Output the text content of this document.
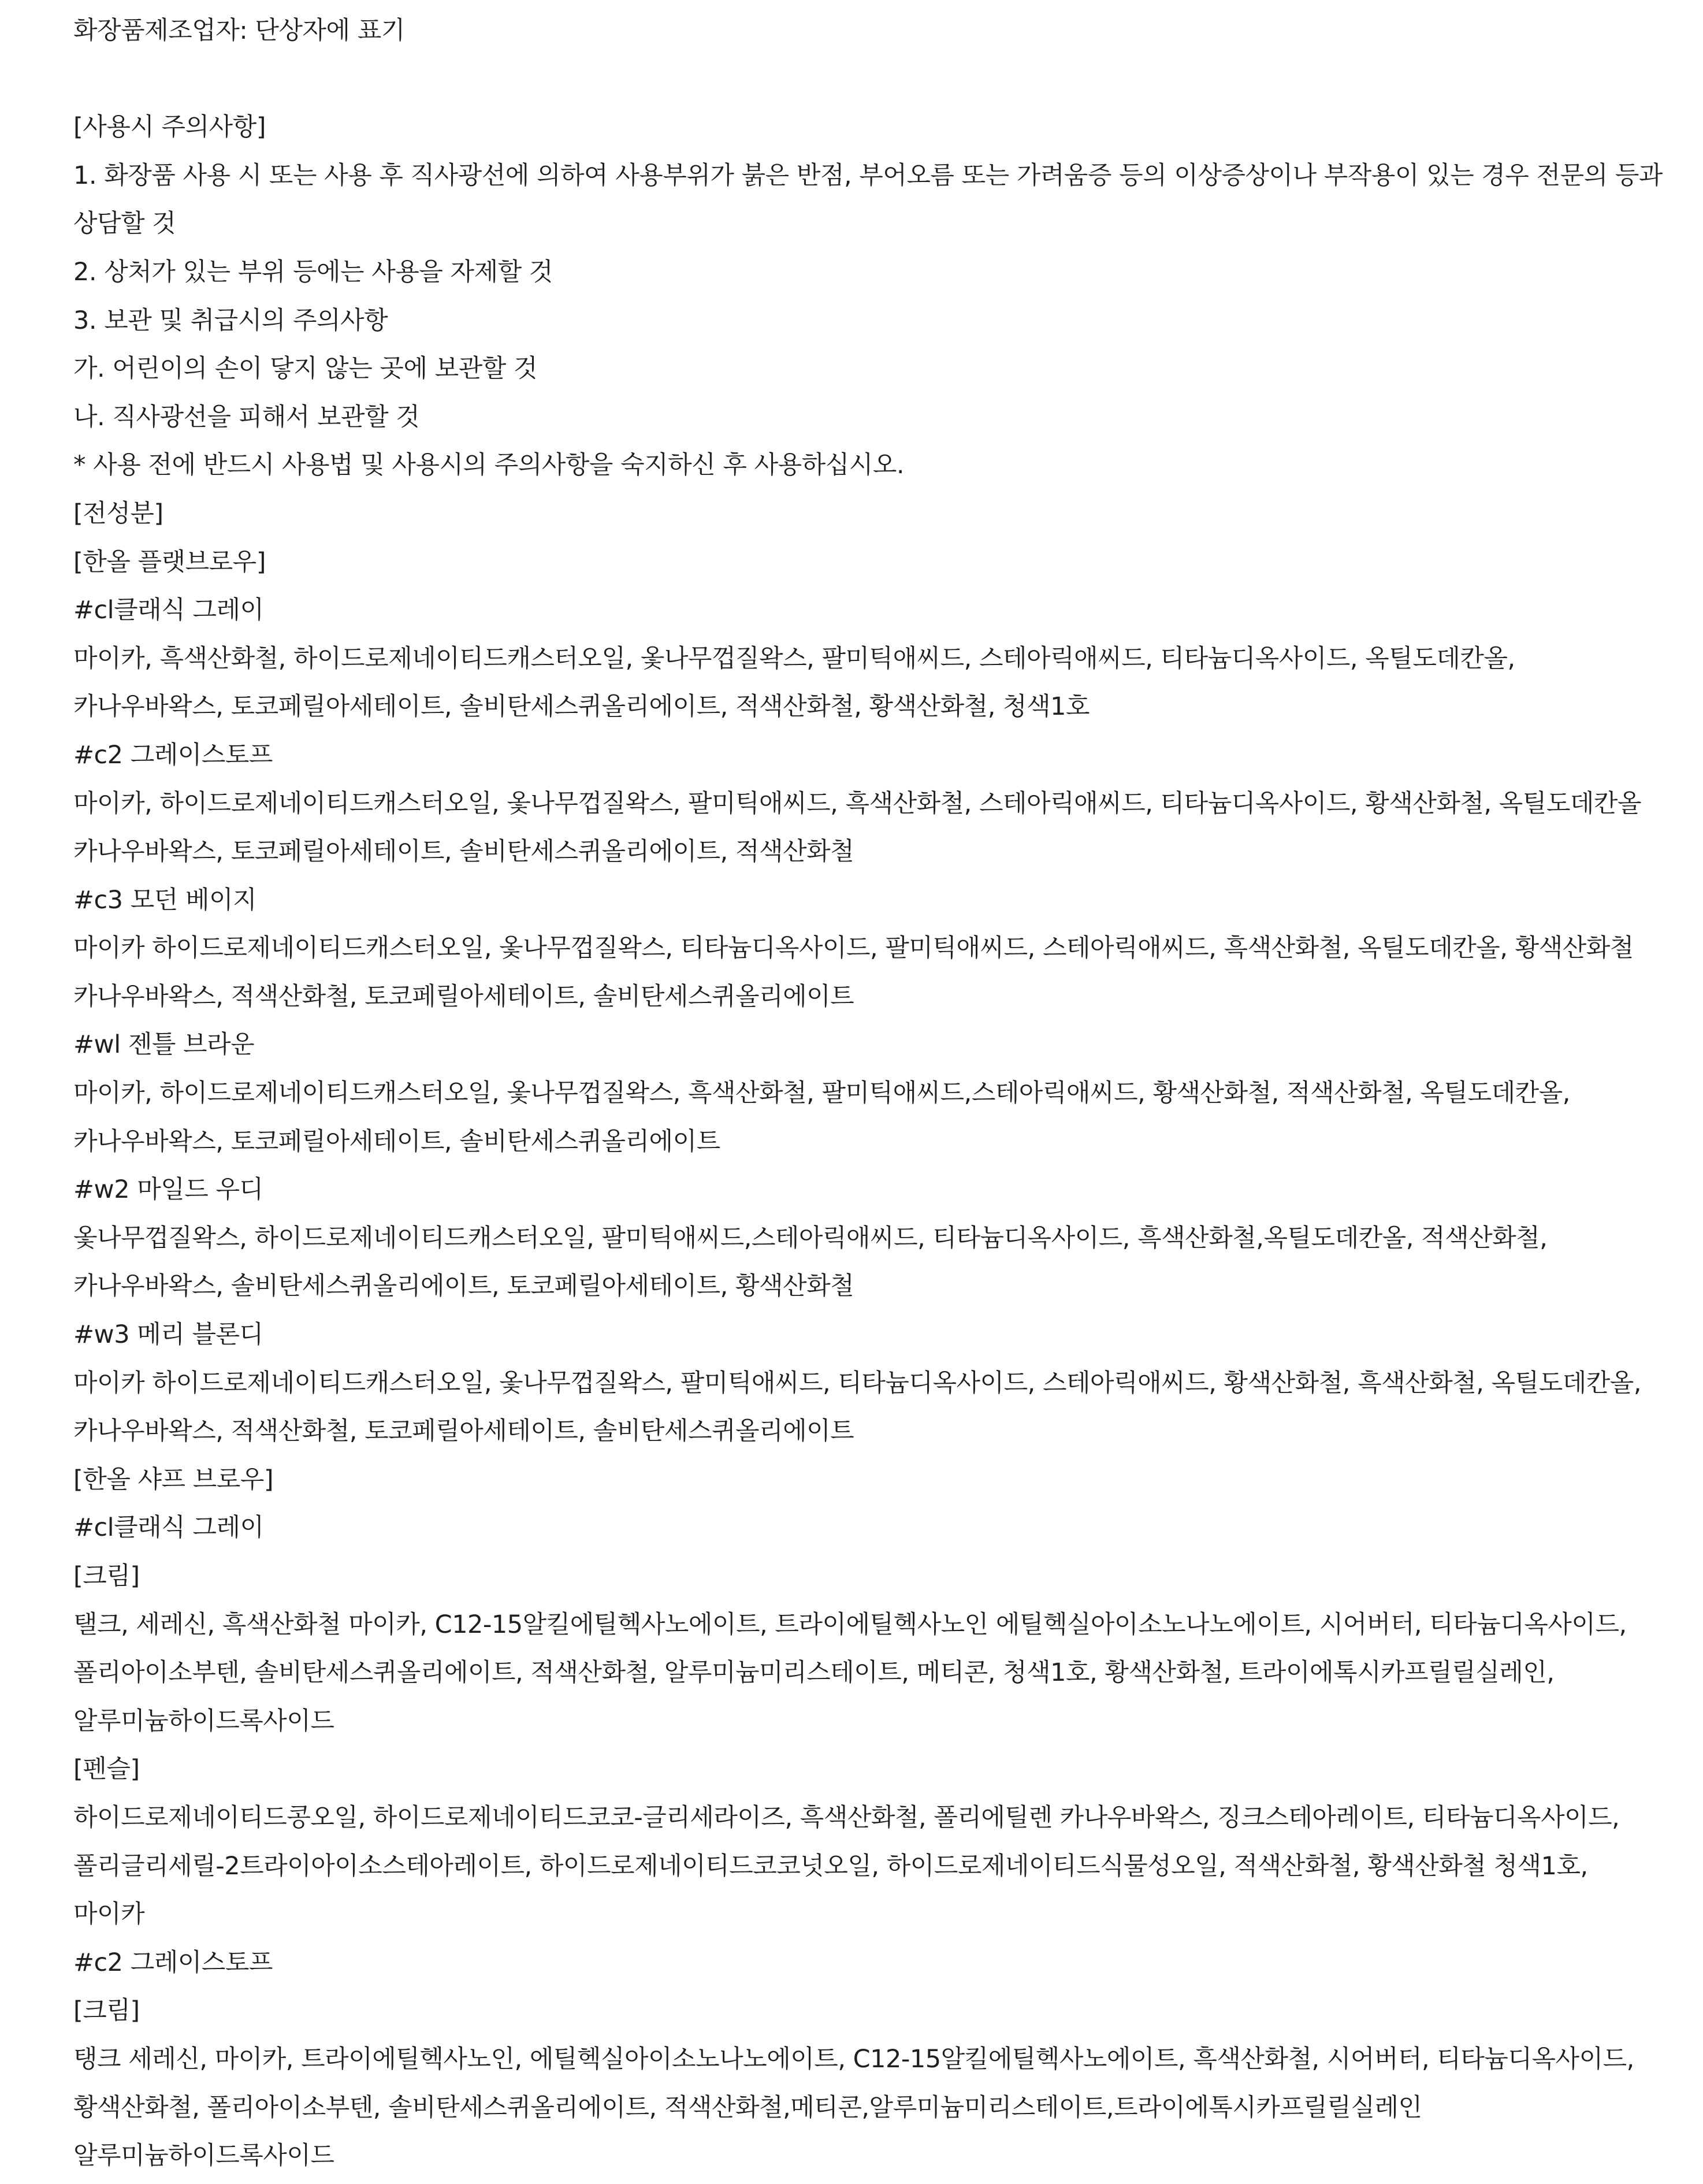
화장품제조업자: 단상자에 표기
[사용시 주의사항]
1. 화장품 사용 시 또는 사용 후 직사광선에 의하여 사용부위가 붉은 반점, 부어오름 또는 가려움증 등의 이상증상이나 부작용이 있는 경우 전문의 등과
상담할 것
2. 상처가 있는 부위 등에는 사용을 자제할 것
3. 보관 및 취급시의 주의사항
가. 어린이의 손이 닿지 않는 곳에 보관할 것
나. 직사광선을 피해서 보관할 것
* 사용 전에 반드시 사용법 및 사용시의 주의사항을 숙지하신 후 사용하십시오.
[전성분]
[한올 플랫브로우]
#cl클래식 그레이
마이카, 흑색산화철, 하이드로제네이티드캐스터오일, 옻나무껍질왁스, 팔미틱애씨드, 스테아릭애씨드, 티타늄디옥사이드, 옥틸도데칸올,
카나우바왁스, 토코페릴아세테이트, 솔비탄세스퀴올리에이트, 적색산화철, 황색산화철, 청색1호
#c2 그레이스토프
마이카, 하이드로제네이티드캐스터오일, 옻나무껍질왁스, 팔미틱애씨드, 흑색산화철, 스테아릭애씨드, 티타늄디옥사이드, 황색산화철, 옥틸도데칸올
카나우바왁스, 토코페릴아세테이트, 솔비탄세스퀴올리에이트, 적색산화철
#c3 모던 베이지
마이카 하이드로제네이티드캐스터오일, 옻나무껍질왁스, 티타늄디옥사이드, 팔미틱애씨드, 스테아릭애씨드, 흑색산화철, 옥틸도데칸올, 황색산화철
카나우바왁스, 적색산화철, 토코페릴아세테이트, 솔비탄세스퀴올리에이트
#wl 젠틀 브라운
마이카, 하이드로제네이티드캐스터오일, 옻나무껍질왁스, 흑색산화철, 팔미틱애씨드,스테아릭애씨드, 황색산화철, 적색산화철, 옥틸도데칸올,
카나우바왁스, 토코페릴아세테이트, 솔비탄세스퀴올리에이트
#w2 마일드 우디
옻나무껍질왁스, 하이드로제네이티드캐스터오일, 팔미틱애씨드,스테아릭애씨드, 티타늄디옥사이드, 흑색산화철,옥틸도데칸올, 적색산화철,
카나우바왁스, 솔비탄세스퀴올리에이트, 토코페릴아세테이트, 황색산화철
#w3 메리 블론디
마이카 하이드로제네이티드캐스터오일, 옻나무껍질왁스, 팔미틱애씨드, 티타늄디옥사이드, 스테아릭애씨드, 황색산화철, 흑색산화철, 옥틸도데칸올,
카나우바왁스, 적색산화철, 토코페릴아세테이트, 솔비탄세스퀴올리에이트
[한올 샤프 브로우]
#cl클래식 그레이
[크림]
탤크, 세레신, 흑색산화철 마이카, C12-15알킬에틸헥사노에이트, 트라이에틸헥사노인 에틸헥실아이소노나노에이트, 시어버터, 티타늄디옥사이드,
폴리아이소부텐, 솔비탄세스퀴올리에이트, 적색산화철, 알루미늄미리스테이트, 메티콘, 청색1호, 황색산화철, 트라이에톡시카프릴릴실레인,
알루미늄하이드록사이드
[펜슬]
하이드로제네이티드콩오일, 하이드로제네이티드코코-글리세라이즈, 흑색산화철, 폴리에틸렌 카나우바왁스, 징크스테아레이트, 티타늄디옥사이드,
폴리글리세릴-2트라이아이소스테아레이트, 하이드로제네이티드코코넛오일, 하이드로제네이티드식물성오일, 적색산화철, 황색산화철 청색1호,
마이카
#c2 그레이스토프
[크림]
탱크 세레신, 마이카, 트라이에틸헥사노인, 에틸헥실아이소노나노에이트, C12-15알킬에틸헥사노에이트, 흑색산화철, 시어버터, 티타늄디옥사이드,
황색산화철, 폴리아이소부텐, 솔비탄세스퀴올리에이트, 적색산화철,메티콘,알루미늄미리스테이트,트라이에톡시카프릴릴실레인
알루미늄하이드록사이드
